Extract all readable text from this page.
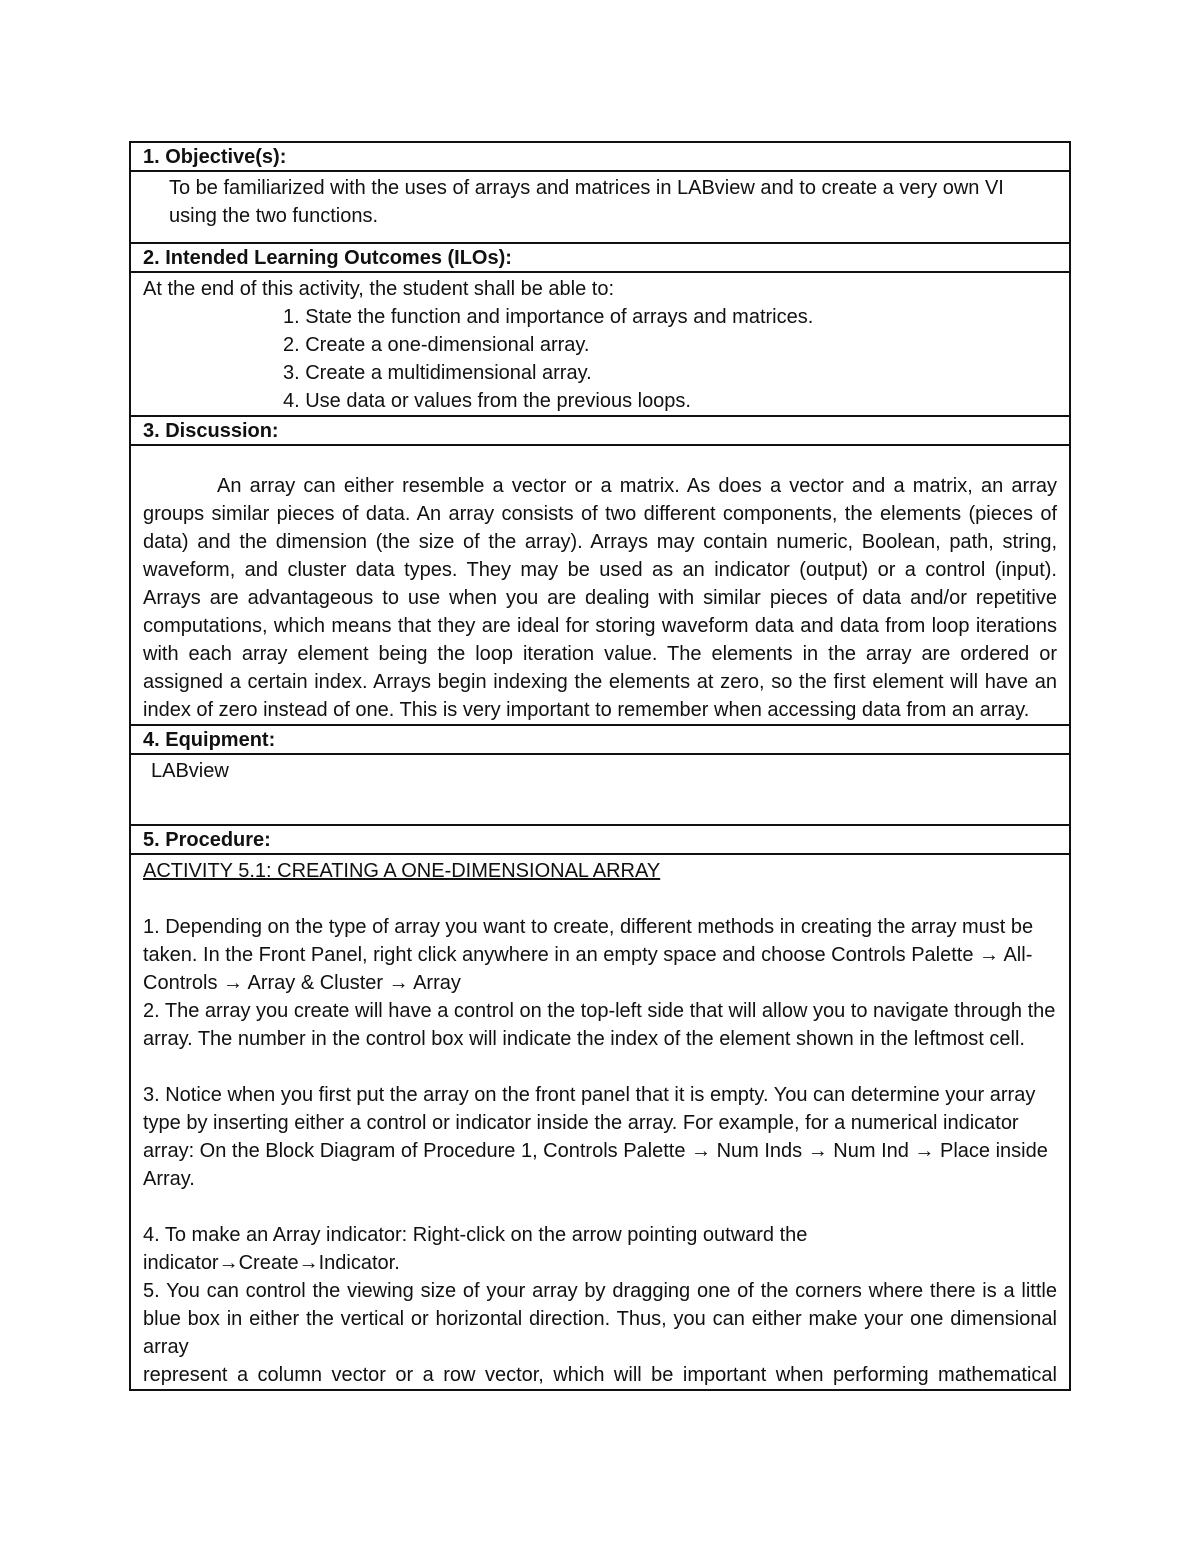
1. Objective(s):
To be familiarized with the uses of arrays and matrices in LABview and to create a very own VI using the two functions.
2. Intended Learning Outcomes (ILOs):
At the end of this activity, the student shall be able to:
1. State the function and importance of arrays and matrices.
2. Create a one-dimensional array.
3. Create a multidimensional array.
4. Use data or values from the previous loops.
3. Discussion:

An array can either resemble a vector or a matrix. As does a vector and a matrix, an array groups similar pieces of data. An array consists of two different components, the elements (pieces of data) and the dimension (the size of the array). Arrays may contain numeric, Boolean, path, string, waveform, and cluster data types. They may be used as an indicator (output) or a control (input). Arrays are advantageous to use when you are dealing with similar pieces of data and/or repetitive computations, which means that they are ideal for storing waveform data and data from loop iterations with each array element being the loop iteration value. The elements in the array are ordered or assigned a certain index. Arrays begin indexing the elements at zero, so the first element will have an index of zero instead of one. This is very important to remember when accessing data from an array.

4. Equipment:
LABview
5. Procedure:

ACTIVITY 5.1: CREATING A ONE-DIMENSIONAL ARRAY

1. Depending on the type of array you want to create, different methods in creating the array must be taken. In the Front Panel, right click anywhere in an empty space and choose Controls Palette → All-Controls → Array & Cluster → Array

2. The array you create will have a control on the top-left side that will allow you to navigate through the array. The number in the control box will indicate the index of the element shown in the leftmost cell.

3. Notice when you first put the array on the front panel that it is empty. You can determine your array type by inserting either a control or indicator inside the array. For example, for a numerical indicator array: On the Block Diagram of Procedure 1, Controls Palette → Num Inds → Num Ind → Place inside Array.

4. To make an Array indicator: Right-click on the arrow pointing outward the indicator→Create→Indicator.

5. You can control the viewing size of your array by dragging one of the corners where there is a little blue box in either the vertical or horizontal direction. Thus, you can either make your one dimensional array

represent a column vector or a row vector, which will be important when performing mathematical
